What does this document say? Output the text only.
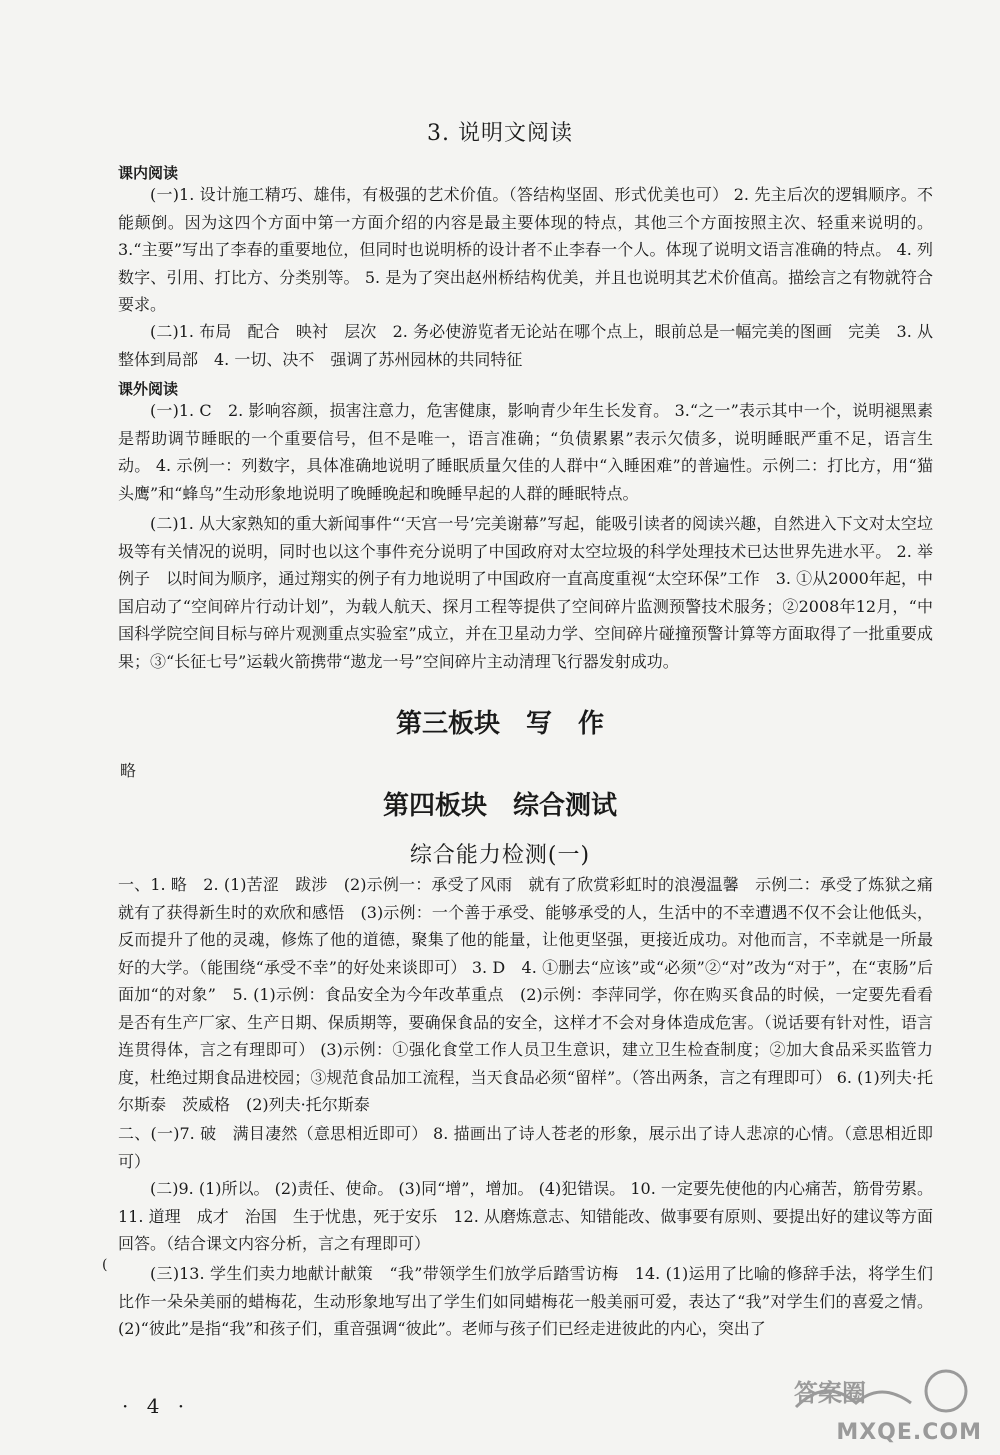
3. 说明文阅读
课内阅读

(一)1. 设计施工精巧、雄伟，有极强的艺术价值。（答结构坚固、形式优美也可） 2. 先主后次的逻辑顺序。不能颠倒。因为这四个方面中第一方面介绍的内容是最主要体现的特点，其他三个方面按照主次、轻重来说明的。 3.“主要”写出了李春的重要地位，但同时也说明桥的设计者不止李春一个人。体现了说明文语言准确的特点。 4. 列数字、引用、打比方、分类别等。 5. 是为了突出赵州桥结构优美，并且也说明其艺术价值高。描绘言之有物就符合要求。

(二)1. 布局　配合　映衬　层次　2. 务必使游览者无论站在哪个点上，眼前总是一幅完美的图画　完美　3. 从整体到局部　4. 一切、决不　强调了苏州园林的共同特征

课外阅读

(一)1. C　2. 影响容颜，损害注意力，危害健康，影响青少年生长发育。 3.“之一”表示其中一个，说明褪黑素是帮助调节睡眠的一个重要信号，但不是唯一，语言准确；“负债累累”表示欠债多，说明睡眠严重不足，语言生动。 4. 示例一：列数字，具体准确地说明了睡眠质量欠佳的人群中“入睡困难”的普遍性。示例二：打比方，用“猫头鹰”和“蜂鸟”生动形象地说明了晚睡晚起和晚睡早起的人群的睡眠特点。

(二)1. 从大家熟知的重大新闻事件“‘天宫一号’完美谢幕”写起，能吸引读者的阅读兴趣，自然进入下文对太空垃圾等有关情况的说明，同时也以这个事件充分说明了中国政府对太空垃圾的科学处理技术已达世界先进水平。 2. 举例子　以时间为顺序，通过翔实的例子有力地说明了中国政府一直高度重视“太空环保”工作　3. ①从2000年起，中国启动了“空间碎片行动计划”，为载人航天、探月工程等提供了空间碎片监测预警技术服务；②2008年12月，“中国科学院空间目标与碎片观测重点实验室”成立，并在卫星动力学、空间碎片碰撞预警计算等方面取得了一批重要成果；③“长征七号”运载火箭携带“遨龙一号”空间碎片主动清理飞行器发射成功。

第三板块　写　作
略
第四板块　综合测试
综合能力检测(一)

一、1. 略　2. (1)苦涩　跋涉　(2)示例一：承受了风雨　就有了欣赏彩虹时的浪漫温馨　示例二：承受了炼狱之痛　就有了获得新生时的欢欣和感悟　(3)示例：一个善于承受、能够承受的人，生活中的不幸遭遇不仅不会让他低头，反而提升了他的灵魂，修炼了他的道德，聚集了他的能量，让他更坚强，更接近成功。对他而言，不幸就是一所最好的大学。（能围绕“承受不幸”的好处来谈即可） 3. D　4. ①删去“应该”或“必须”②“对”改为“对于”，在“衷肠”后面加“的对象”　5. (1)示例：食品安全为今年改革重点　(2)示例：李萍同学，你在购买食品的时候，一定要先看看是否有生产厂家、生产日期、保质期等，要确保食品的安全，这样才不会对身体造成危害。（说话要有针对性，语言连贯得体，言之有理即可） (3)示例：①强化食堂工作人员卫生意识，建立卫生检查制度；②加大食品采买监管力度，杜绝过期食品进校园；③规范食品加工流程，当天食品必须“留样”。（答出两条，言之有理即可） 6. (1)列夫·托尔斯泰　茨威格　(2)列夫·托尔斯泰

二、(一)7. 破　满目凄然（意思相近即可） 8. 描画出了诗人苍老的形象，展示出了诗人悲凉的心情。（意思相近即可）

(二)9. (1)所以。 (2)责任、使命。 (3)同“增”，增加。 (4)犯错误。 10. 一定要先使他的内心痛苦，筋骨劳累。 11. 道理　成才　治国　生于忧患，死于安乐　12. 从磨炼意志、知错能改、做事要有原则、要提出好的建议等方面回答。（结合课文内容分析，言之有理即可）

(三)13. 学生们卖力地献计献策　“我”带领学生们放学后踏雪访梅　14. (1)运用了比喻的修辞手法，将学生们比作一朵朵美丽的蜡梅花，生动形象地写出了学生们如同蜡梅花一般美丽可爱，表达了“我”对学生们的喜爱之情。 (2)“彼此”是指“我”和孩子们，重音强调“彼此”。老师与孩子们已经走进彼此的内心，突出了

(
· 4 ·	答案圈
MXQE.COM
